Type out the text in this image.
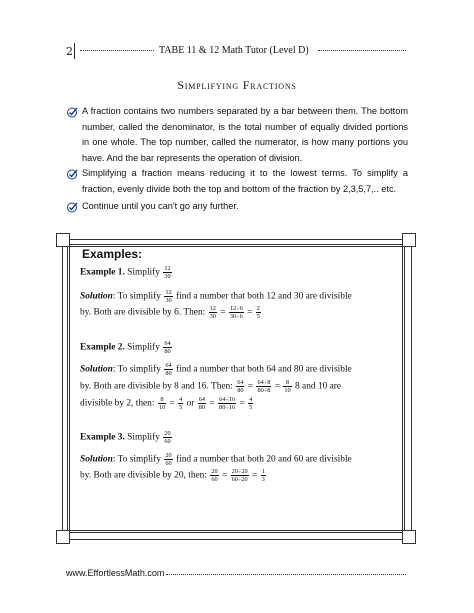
2	TABE 11 & 12 Math Tutor (Level D)
Simplifying Fractions
A fraction contains two numbers separated by a bar between them. The bottom number, called the denominator, is the total number of equally divided portions in one whole. The top number, called the numerator, is how many portions you have. And the bar represents the operation of division.
Simplifying a fraction means reducing it to the lowest terms. To simplify a fraction, evenly divide both the top and bottom of the fraction by 2,3,5,7,.. etc.
Continue until you can't go any further.
Examples:
Example 1. Simplify $\frac{12}{30}$
Solution: To simplify $\frac{12}{30}$ find a number that both 12 and 30 are divisible
by. Both are divisible by 6. Then: $\frac{12}{30} = \frac{12\div 6}{30\div 6} = \frac{2}{5}$
Example 2. Simplify $\frac{64}{80}$
Solution: To simplify $\frac{64}{80}$ find a number that both 64 and 80 are divisible
by. Both are divisible by 8 and 16. Then: $\frac{64}{80} = \frac{64\div 8}{80\div 8} = \frac{8}{10} 8$ and 10 are
divisible by 2, then: $\frac{8}{10} = \frac{4}{5}$ or $\frac{64}{80} = \frac{64\div 16}{80\div 16} = \frac{4}{5}$
Example 3. Simplify $\frac{20}{60}$
Solution: To simplify $\frac{20}{60}$ find a number that both 20 and 60 are divisible
by. Both are divisible by 20, then: $\frac{20}{60} = \frac{20\div 20}{60\div 20} = \frac{1}{3}$
www.EffortlessMath.com
